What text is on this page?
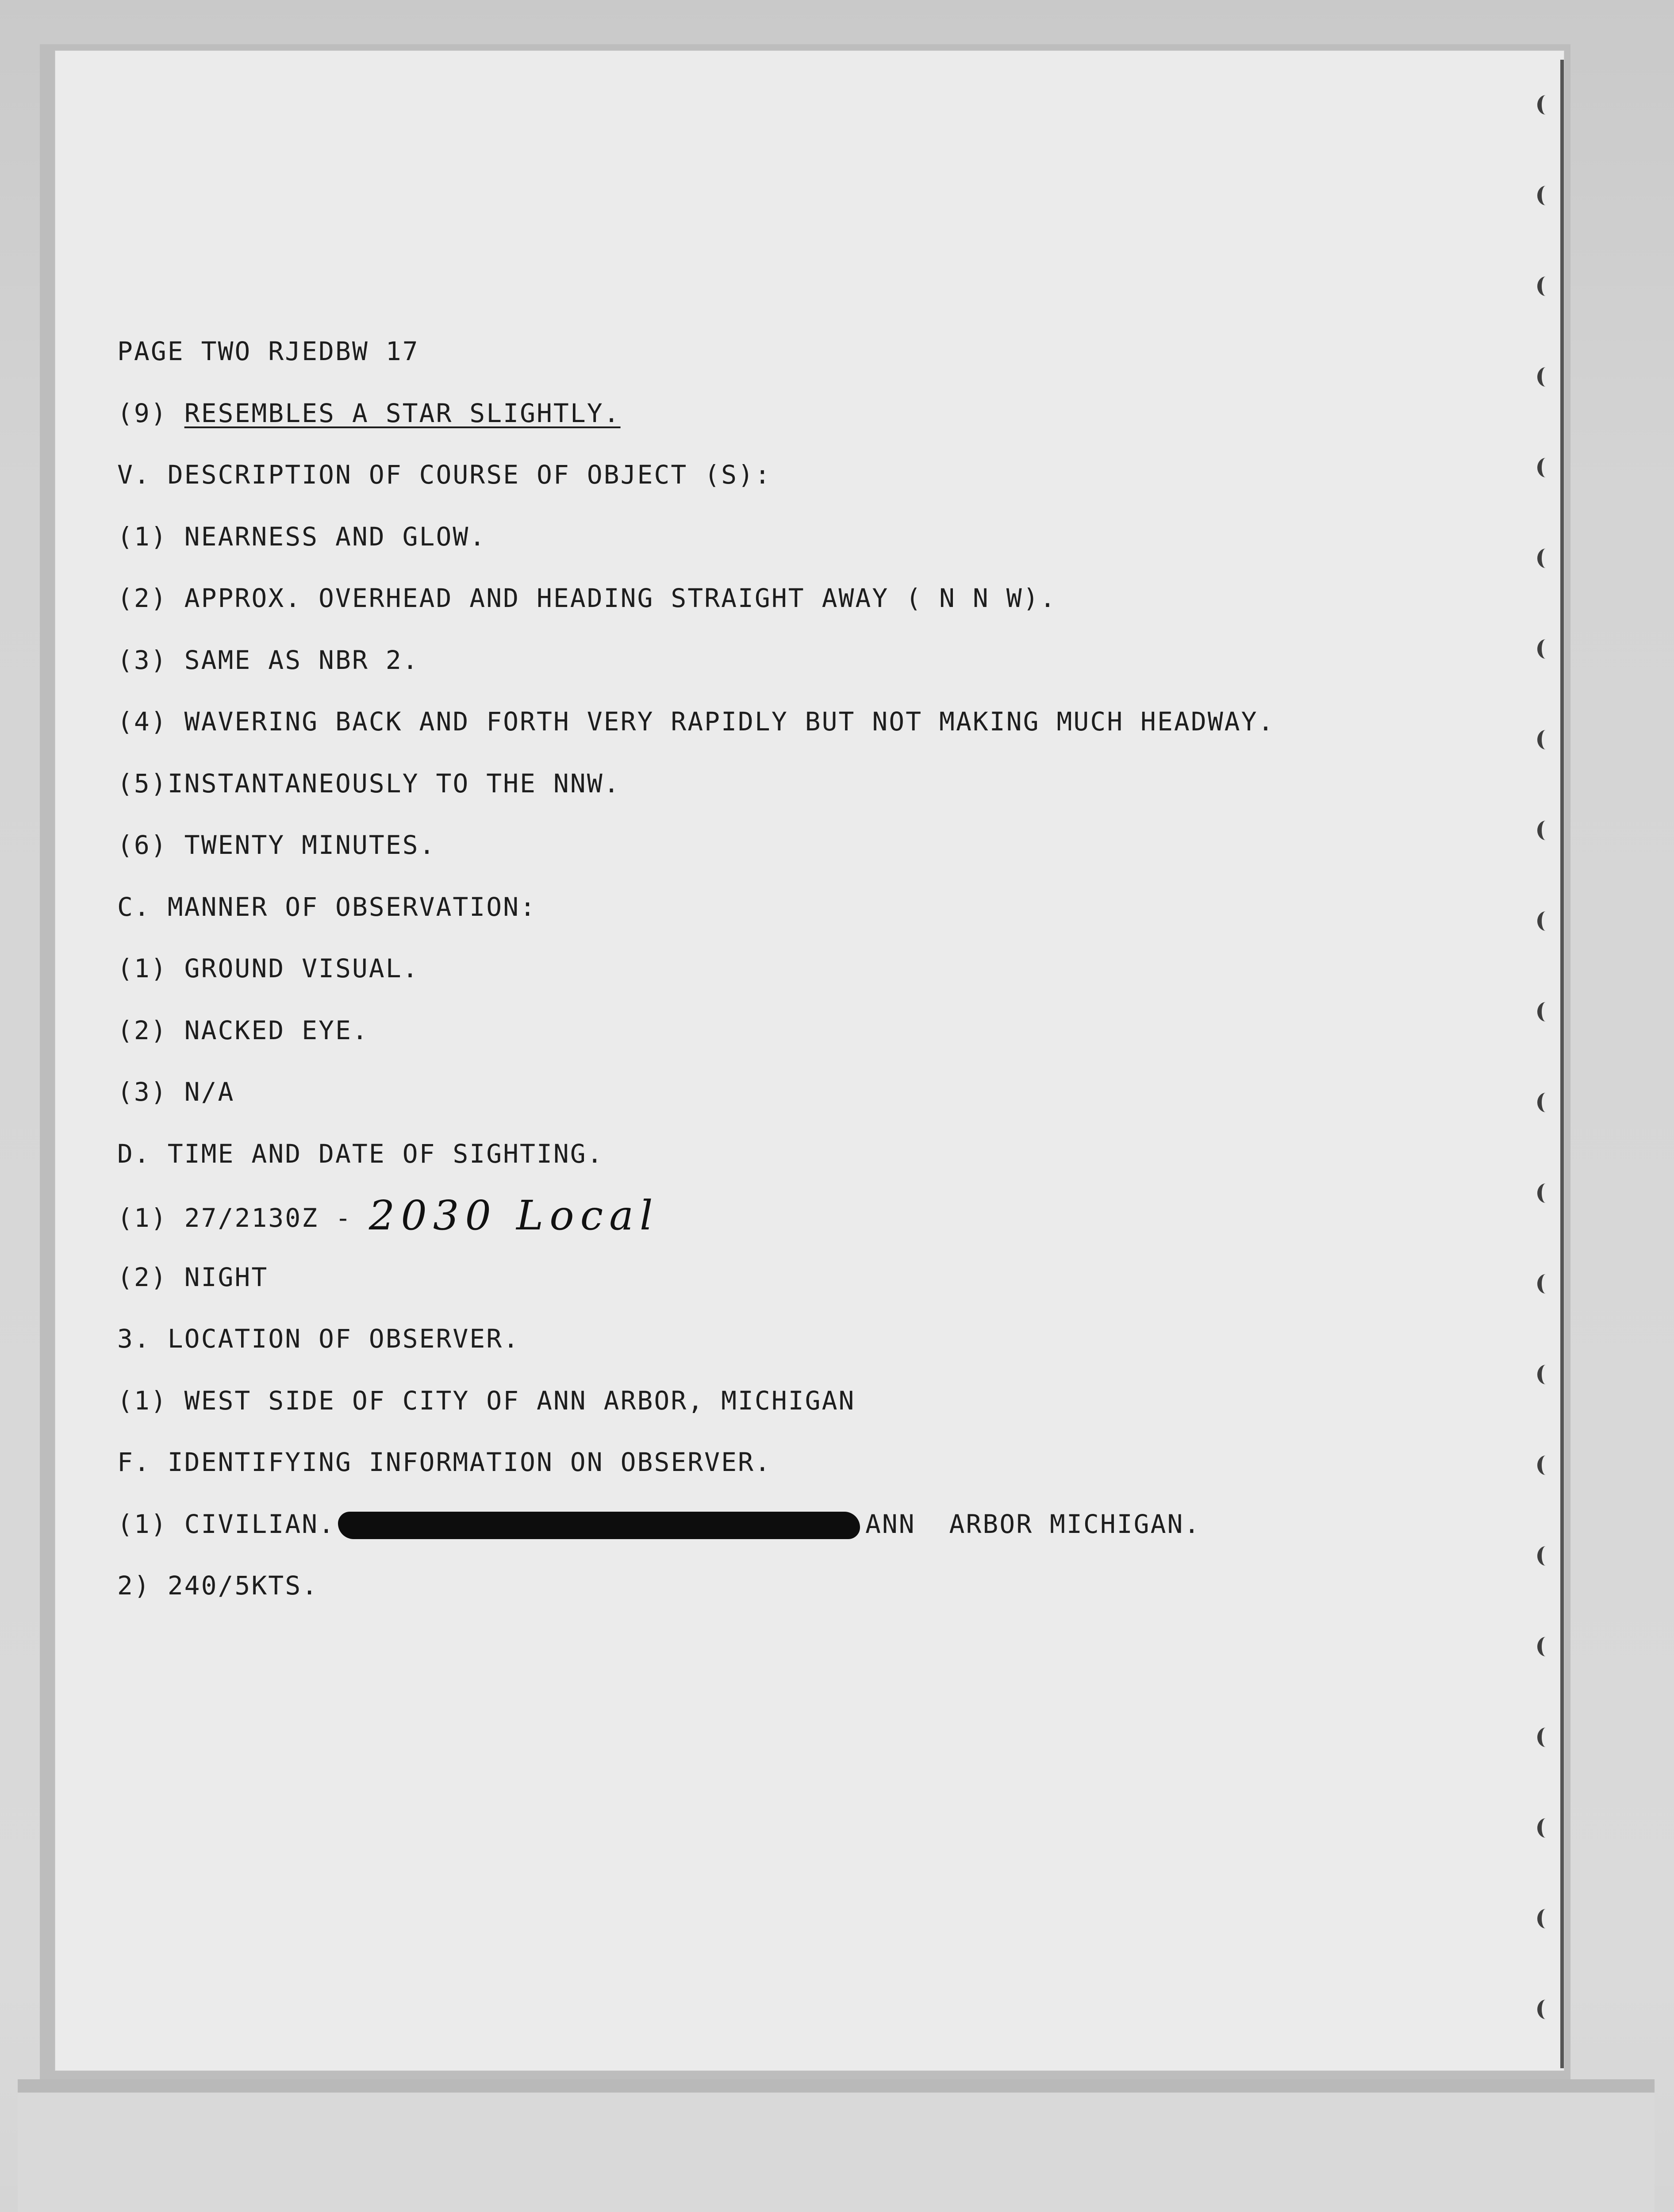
PAGE TWO RJEDBW 17
(9) RESEMBLES A STAR SLIGHTLY.
V. DESCRIPTION OF COURSE OF OBJECT (S):
(1) NEARNESS AND GLOW.
(2) APPROX. OVERHEAD AND HEADING STRAIGHT AWAY ( N N W).
(3) SAME AS NBR 2.
(4) WAVERING BACK AND FORTH VERY RAPIDLY BUT NOT MAKING MUCH HEADWAY.
(5)INSTANTANEOUSLY TO THE NNW.
(6) TWENTY MINUTES.
C. MANNER OF OBSERVATION:
(1) GROUND VISUAL.
(2) NACKED EYE.
(3) N/A
D. TIME AND DATE OF SIGHTING.
(1) 27/2130Z - 2030 Local
(2) NIGHT
3. LOCATION OF OBSERVER.
(1) WEST SIDE OF CITY OF ANN ARBOR, MICHIGAN
F. IDENTIFYING INFORMATION ON OBSERVER.
(1) CIVILIAN.	ANN  ARBOR MICHIGAN.
2) 240/5KTS.
